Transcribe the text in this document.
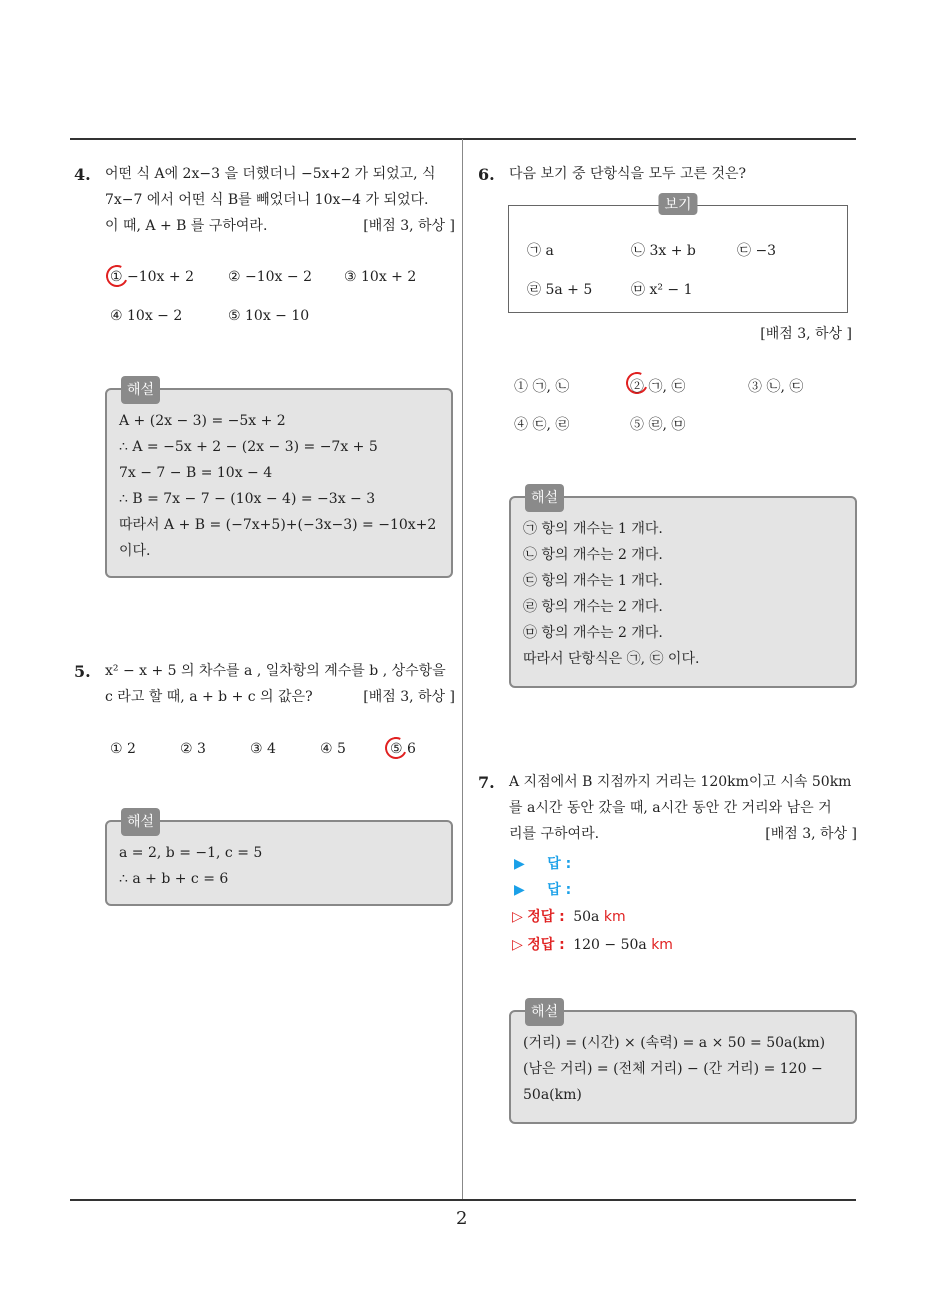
4. 어떤 식 A에 2x−3 을 더했더니 −5x+2 가 되었고, 식
7x−7 에서 어떤 식 B를 빼었더니 10x−4 가 되었다.
이 때, A + B 를 구하여라.	[배점 3, 하상 ]
① −10x + 2 ② −10x − 2 ③ 10x + 2
④ 10x − 2	⑤ 10x − 10
해설
A + (2x − 3) = −5x + 2
∴ A = −5x + 2 − (2x − 3) = −7x + 5
7x − 7 − B = 10x − 4
∴ B = 7x − 7 − (10x − 4) = −3x − 3
따라서 A + B = (−7x+5)+(−3x−3) = −10x+2
이다.
5. x² − x + 5 의 차수를 a , 일차항의 계수를 b , 상수항을
c 라고 할 때, a + b + c 의 값은?	[배점 3, 하상 ]
① 2	② 3	③ 4	④ 5	⑤ 6
해설
a = 2, b = −1, c = 5
∴ a + b + c = 6
6. 다음 보기 중 단항식을 모두 고른 것은?
보기
㉠ a	㉡ 3x + b	㉢ −3
㉣ 5a + 5	㉤ x² − 1
[배점 3, 하상 ]
① ㉠, ㉡	② ㉠, ㉢	③ ㉡, ㉢
④ ㉢, ㉣	⑤ ㉣, ㉤
해설
㉠ 항의 개수는 1 개다.
㉡ 항의 개수는 2 개다.
㉢ 항의 개수는 1 개다.
㉣ 항의 개수는 2 개다.
㉤ 항의 개수는 2 개다.
따라서 단항식은 ㉠, ㉢ 이다.
7. A 지점에서 B 지점까지 거리는 120km이고 시속 50km
를 a시간 동안 갔을 때, a시간 동안 간 거리와 남은 거
리를 구하여라.	[배점 3, 하상 ]
▶ 답 :
▶ 답 :
▷ 정답 : 50a km
▷ 정답 : 120 − 50a km
해설
(거리) = (시간) × (속력) = a × 50 = 50a(km)
(남은 거리) = (전체 거리) − (간 거리) = 120 −
50a(km)
2
